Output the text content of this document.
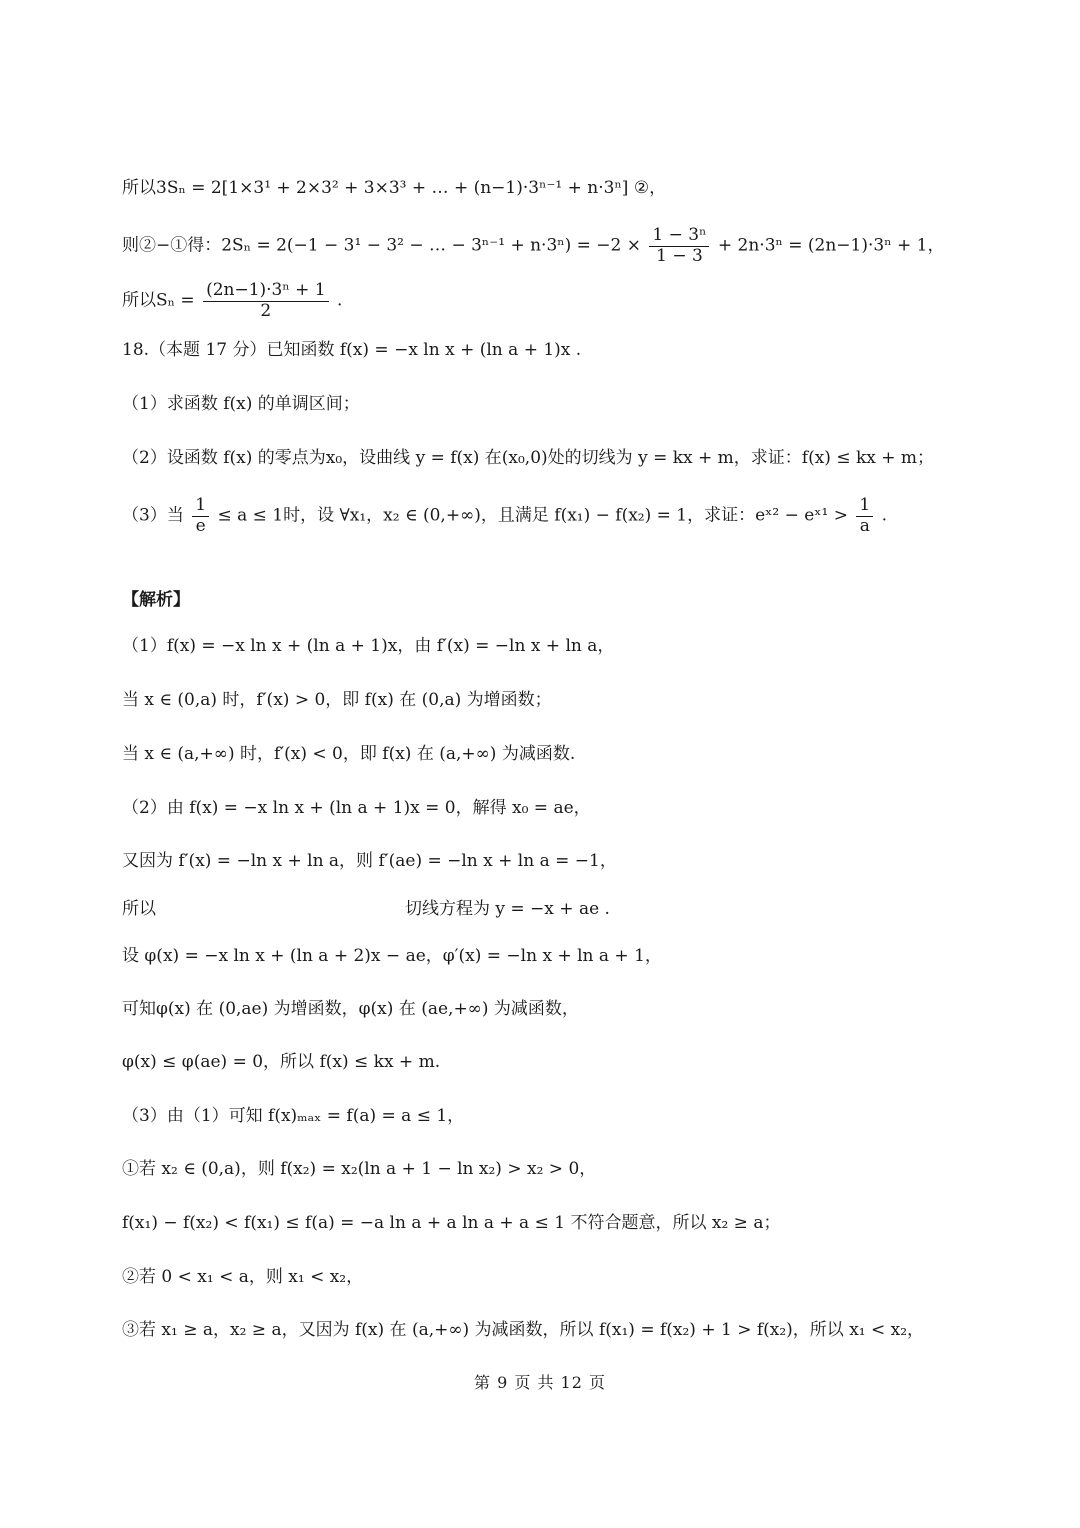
所以3Sₙ = 2[1×3¹ + 2×3² + 3×3³ + … + (n−1)·3ⁿ⁻¹ + n·3ⁿ] ②，
则②−①得：2Sₙ = 2(−1 − 3¹ − 3² − … − $3^{n-1} + n\cdot 3^n) = -2 \times \frac{\text{1 − 3ⁿ}}{1 - 3} + 2n\cdot 3^n = (2n-1)\cdot 3^n + 1$，
所以$S_n = \frac{\text{(2n−1)·3ⁿ + 1}}{2}$ .
18.（本题 17 分）已知函数 f(x) = −x ln x + (ln a + 1)x .
（1）求函数 f(x) 的单调区间；
（2）设函数 f(x) 的零点为x₀，设曲线 y = f(x) 在(x₀,0)处的切线为 y = kx + m，求证：f(x) ≤ kx + m；
（3）当 $\frac{1}{e} \le a \le 1$时，设 ∀x₁，x₂ ∈ (0,+∞)，且满足 f(x₁) − f(x₂) = 1，求证：eˣ² − eˣ¹ > $\frac{1}{a}$ .
【解析】
（1）f(x) = −x ln x + (ln a + 1)x，由 f′(x) = −ln x + ln a，
当 x ∈ (0,a) 时，f′(x) > 0，即 f(x) 在 (0,a) 为增函数；
当 x ∈ (a,+∞) 时，f′(x) < 0，即 f(x) 在 (a,+∞) 为减函数.
（2）由 f(x) = −x ln x + (ln a + 1)x = 0，解得 x₀ = ae，
又因为 f′(x) = −ln x + ln a，则 f′(ae) = −ln x + ln a = −1，
所以	切线方程为 y = −x + ae .
设 φ(x) = −x ln x + (ln a + 2)x − ae，φ′(x) = −ln x + ln a + 1，
可知φ(x) 在 (0,ae) 为增函数，φ(x) 在 (ae,+∞) 为减函数，
φ(x) ≤ φ(ae) = 0，所以 f(x) ≤ kx + m.
（3）由（1）可知 f(x)ₘₐₓ = f(a) = a ≤ 1，
①若 x₂ ∈ (0,a)，则 f(x₂) = x₂(ln a + 1 − ln x₂) > x₂ > 0，
f(x₁) − f(x₂) < f(x₁) ≤ f(a) = −a ln a + a ln a + a ≤ 1 不符合题意，所以 x₂ ≥ a；
②若 0 < x₁ < a，则 x₁ < x₂，
③若 x₁ ≥ a，x₂ ≥ a，又因为 f(x) 在 (a,+∞) 为减函数，所以 f(x₁) = f(x₂) + 1 > f(x₂)，所以 x₁ < x₂，
第 9 页 共 12 页
